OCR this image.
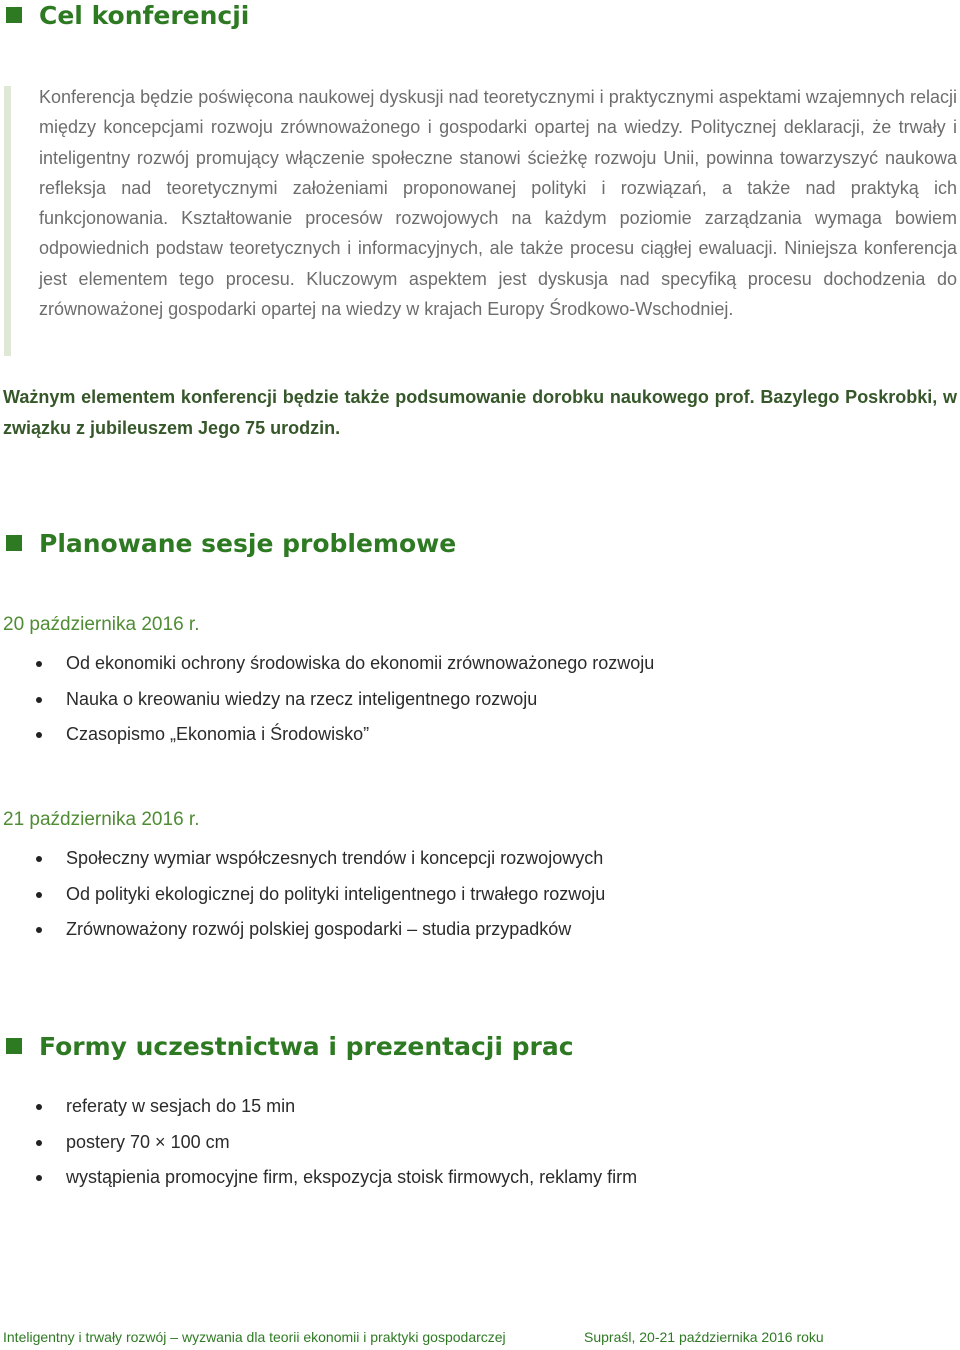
Cel konferencji

Konferencja będzie poświęcona naukowej dyskusji nad teoretycznymi i praktycznymi aspektami wzajemnych relacji między koncepcjami rozwoju zrównoważonego i gospodarki opartej na wiedzy. Politycznej deklaracji, że trwały i inteligentny rozwój promujący włączenie społeczne stanowi ścieżkę rozwoju Unii, powinna towarzyszyć naukowa refleksja nad teoretycznymi założeniami proponowanej polityki i rozwiązań, a także nad praktyką ich funkcjonowania. Kształtowanie procesów rozwojowych na każdym poziomie zarządzania wymaga bowiem odpowiednich podstaw teoretycznych i informacyjnych, ale także procesu ciągłej ewaluacji. Niniejsza konferencja jest elementem tego procesu. Kluczowym aspektem jest dyskusja nad specyfiką procesu dochodzenia do zrównoważonej gospodarki opartej na wiedzy w krajach Europy Środkowo-Wschodniej.

Ważnym elementem konferencji będzie także podsumowanie dorobku naukowego prof. Bazylego Poskrobki, w związku z jubileuszem Jego 75 urodzin.

Planowane sesje problemowe

20 października 2016 r.

Od ekonomiki ochrony środowiska do ekonomii zrównoważonego rozwoju
Nauka o kreowaniu wiedzy na rzecz inteligentnego rozwoju
Czasopismo „Ekonomia i Środowisko”

21 października 2016 r.

Społeczny wymiar współczesnych trendów i koncepcji rozwojowych
Od polityki ekologicznej do polityki inteligentnego i trwałego rozwoju
Zrównoważony rozwój polskiej gospodarki – studia przypadków
Formy uczestnictwa i prezentacji prac
referaty w sesjach do 15 min
postery 70 × 100 cm
wystąpienia promocyjne firm, ekspozycja stoisk firmowych, reklamy firm
Inteligentny i trwały rozwój – wyzwania dla teorii ekonomii i praktyki gospodarczej	Supraśl, 20-21 października 2016 roku
